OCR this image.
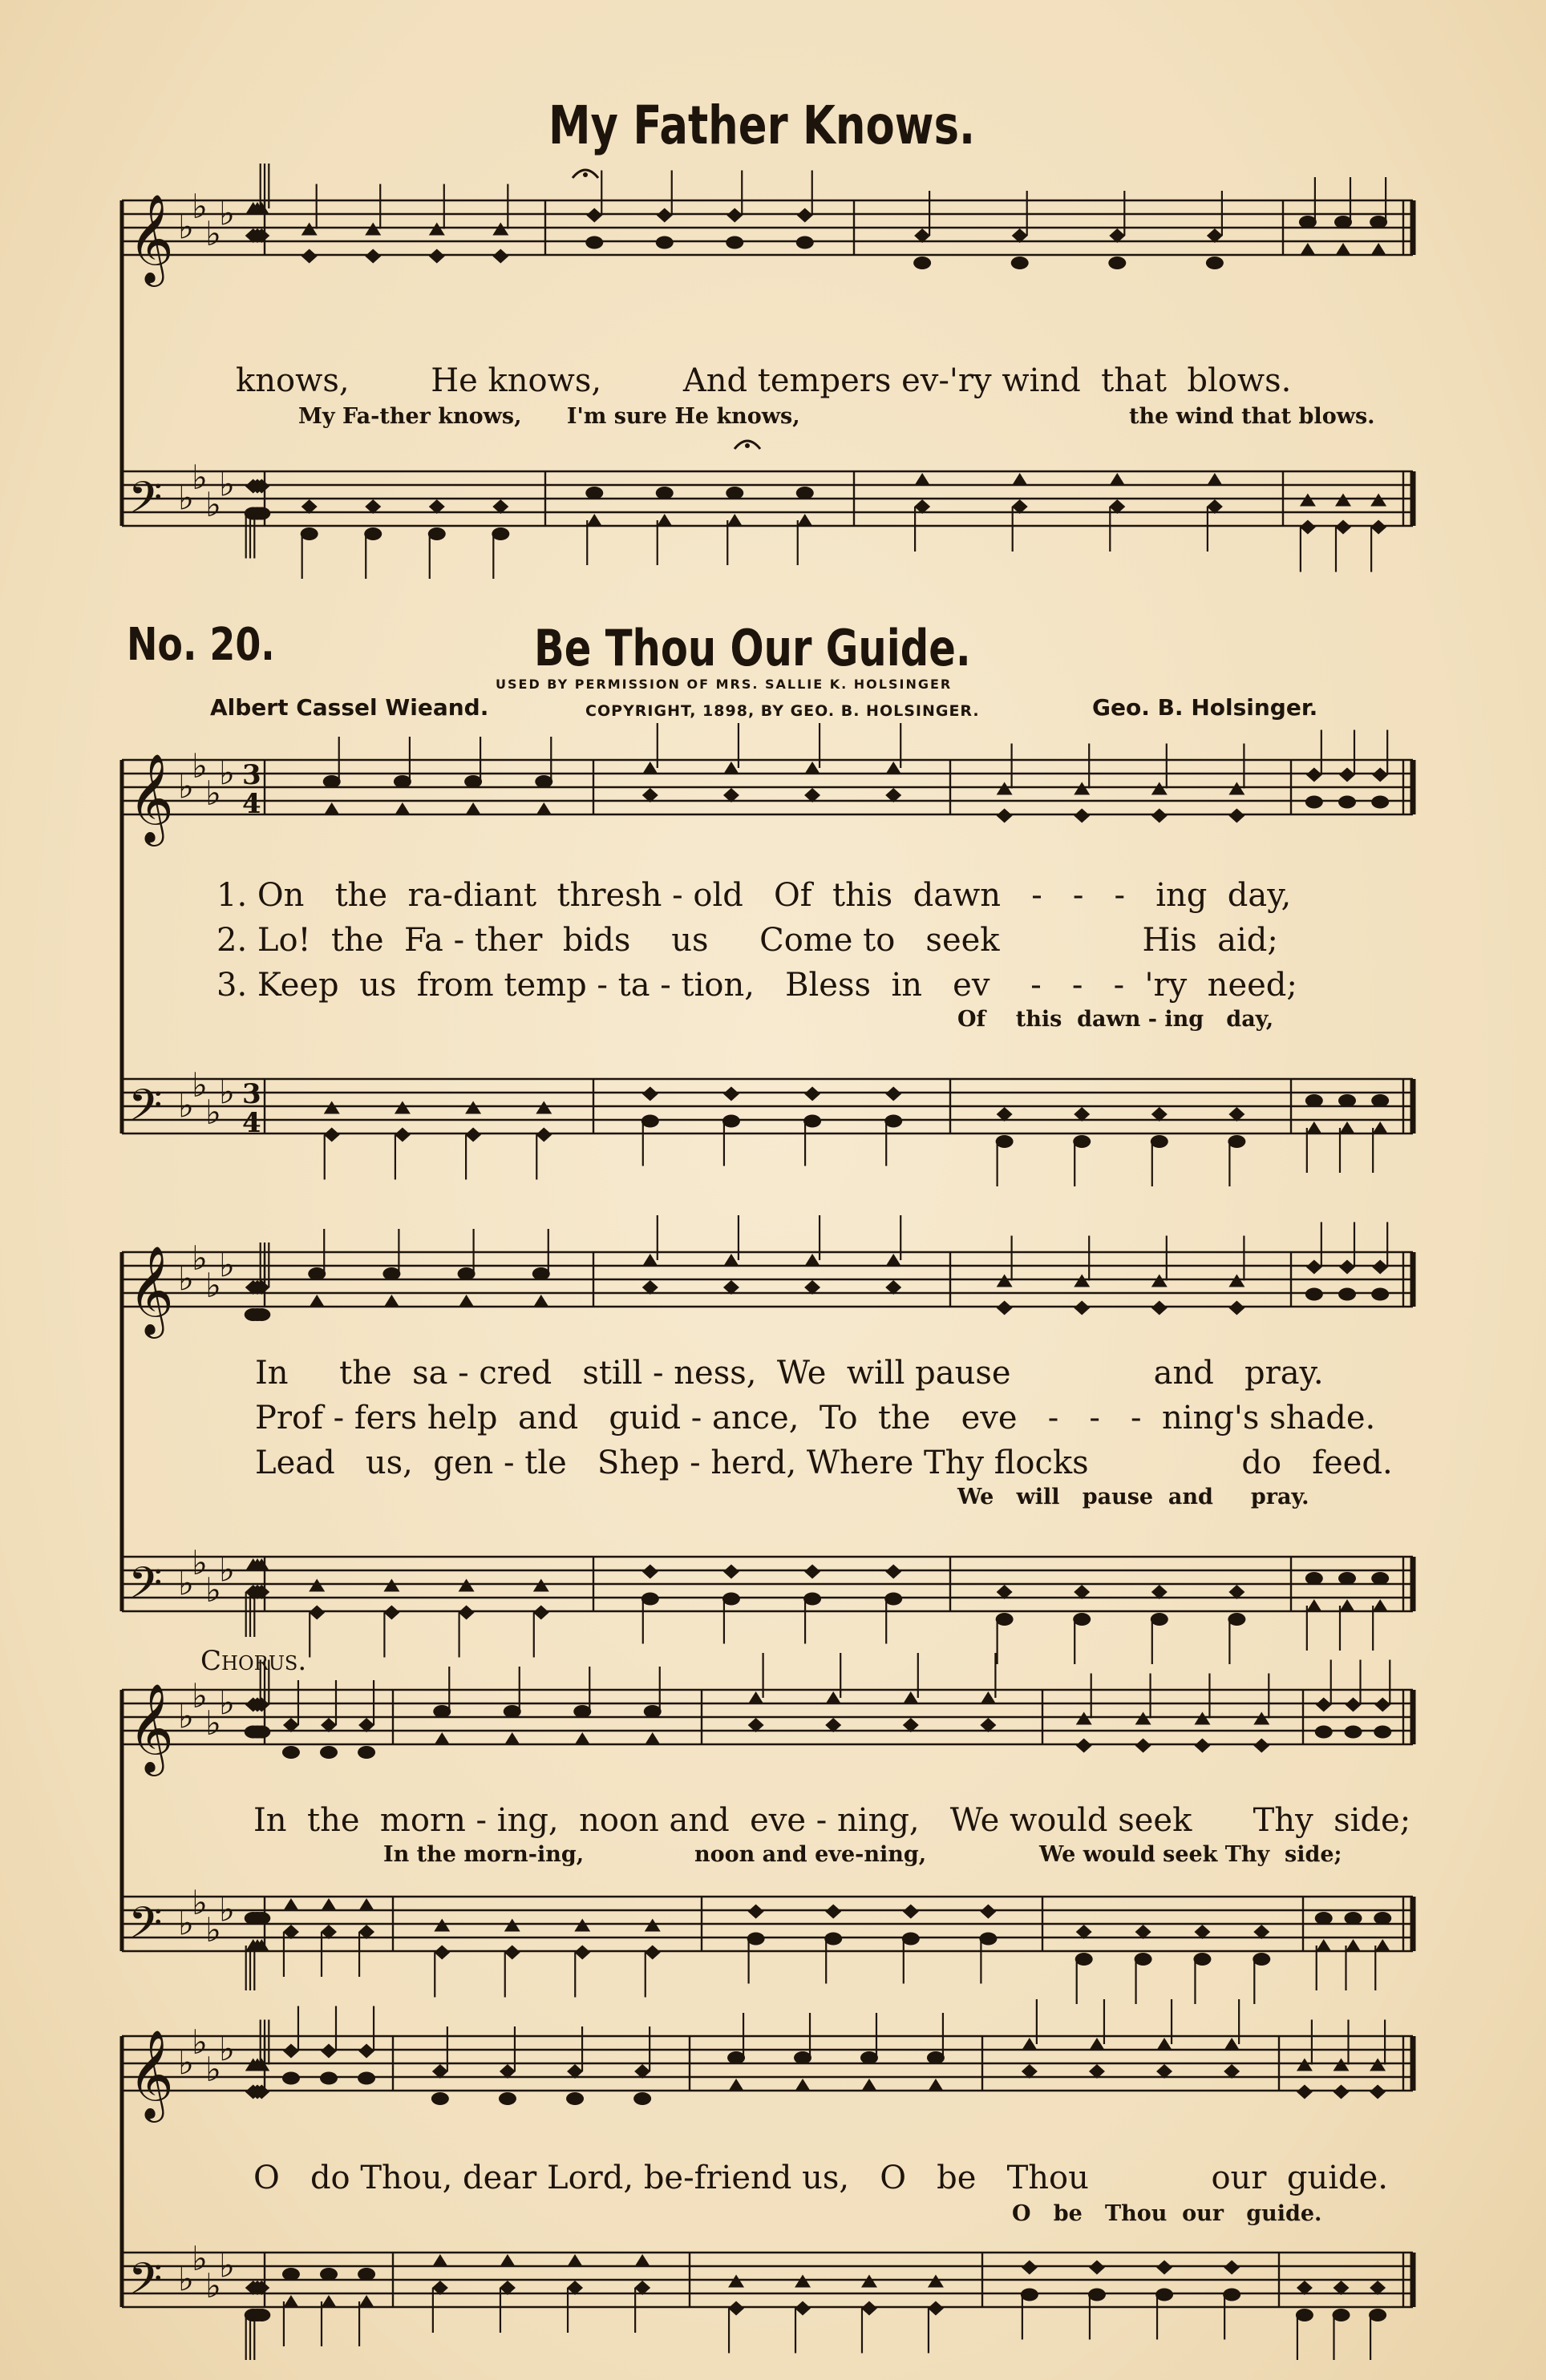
𝄞 ♭
♭
♭
♭
𝄢 ♭
♭
♭
♭
𝄞 ♭
♭
♭
♭ 3
4
𝄢 ♭
♭
♭
♭ 3
4
𝄞 ♭
♭
♭
♭
𝄢 ♭
♭
♭
♭
𝄞 ♭
♭
♭
♭
𝄢 ♭
♭
♭
♭
𝄞 ♭
♭
♭
♭
𝄢 ♭
♭
♭
♭
My Father Knows.
knows,        He knows,        And tempers ev-'ry wind  that  blows.
My Fa-ther knows,      I'm sure He knows,	the wind that blows.
No. 20.	Be Thou Our Guide.
USED BY PERMISSION OF MRS. SALLIE K. HOLSINGER
Albert Cassel Wieand.	COPYRIGHT, 1898, BY GEO. B. HOLSINGER.	Geo. B. Holsinger.
1. On   the  ra-diant  thresh - old   Of  this  dawn   -   -   -   ing  day,
2. Lo!  the  Fa - ther  bids    us     Come to   seek              His  aid;
3. Keep  us  from temp - ta - tion,   Bless  in   ev    -   -   -  'ry  need;
Of    this  dawn - ing   day,
In     the  sa - cred   still - ness,  We  will pause              and   pray.
Prof - fers help  and   guid - ance,  To  the   eve   -   -   -  ning's shade.
Lead   us,  gen - tle   Shep - herd, Where Thy flocks               do   feed.
We   will   pause  and     pray.
Chorus.
In  the  morn - ing,  noon and  eve - ning,   We would seek      Thy  side;
In the morn-ing,	noon and eve-ning,	We would seek Thy  side;
O   do Thou, dear Lord, be-friend us,   O   be   Thou            our  guide.
O   be   Thou  our   guide.
